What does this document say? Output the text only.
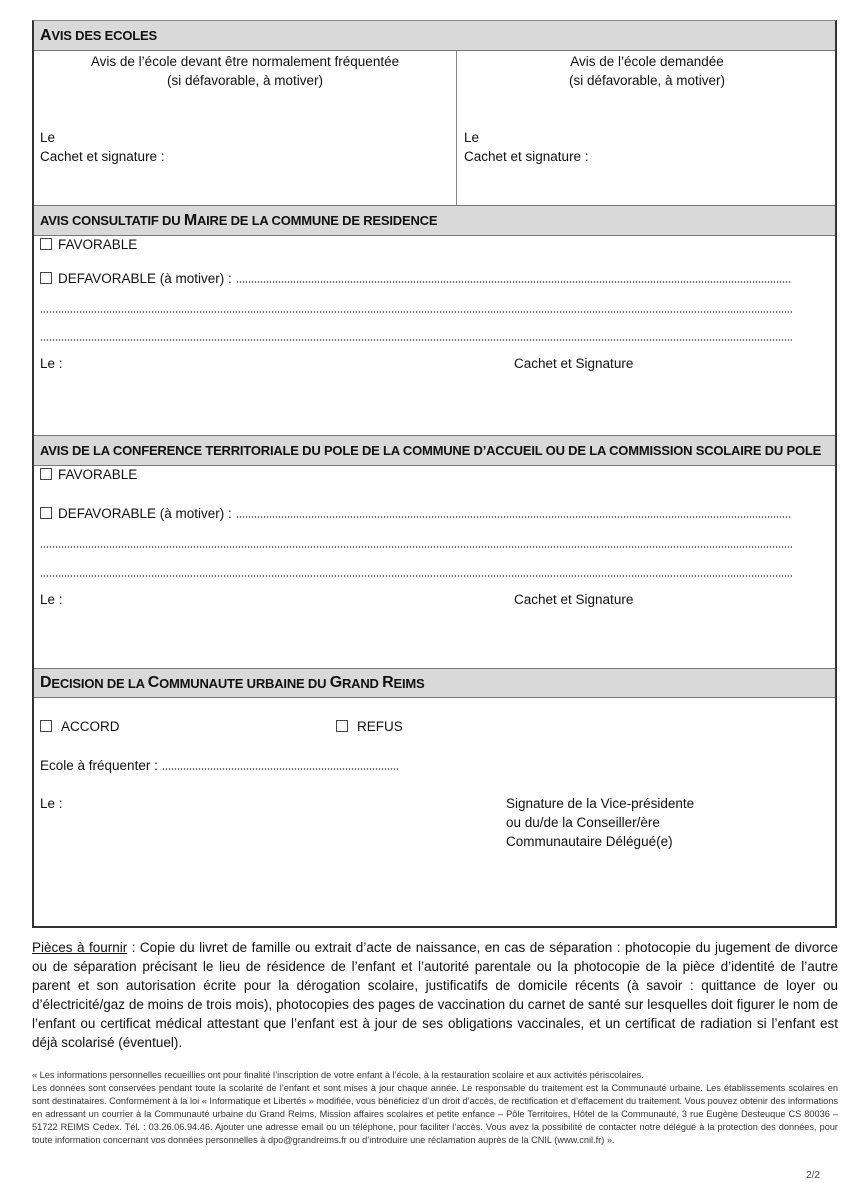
A VIS DES ECOLES
Avis de l’école devant être normalement fréquentée
(si défavorable, à motiver)
Le
Cachet et signature :
Avis de l’école demandée
(si défavorable, à motiver)
Le
Cachet et signature :
AVIS CONSULTATIF DU M AIRE DE LA COMMUNE DE RESIDENCE
FAVORABLE
DEFAVORABLE (à motiver) :
Le :	Cachet et Signature
AVIS DE LA CONFERENCE TERRITORIALE DU POLE DE LA COMMUNE D’ACCUEIL OU DE LA COMMISSION SCOLAIRE DU POLE
FAVORABLE
DEFAVORABLE (à motiver) :
Le :	Cachet et Signature
D ECISION DE LA C OMMUNAUTE URBAINE DU G RAND R EIMS
ACCORD	REFUS
Ecole à fréquenter :
Le :	Signature de la Vice-présidente
ou du/de la Conseiller/ère
Communautaire Délégué(e)
Pièces à fournir : Copie du livret de famille ou extrait d’acte de naissance, en cas de séparation : photocopie du jugement de divorce ou de séparation précisant le lieu de résidence de l’enfant et l’autorité parentale ou la photocopie de la pièce d’identité de l’autre parent et son autorisation écrite pour la dérogation scolaire, justificatifs de domicile récents (à savoir : quittance de loyer ou d’électricité/gaz de moins de trois mois), photocopies des pages de vaccination du carnet de santé sur lesquelles doit figurer le nom de l’enfant ou certificat médical attestant que l’enfant est à jour de ses obligations vaccinales, et un certificat de radiation si l’enfant est déjà scolarisé (éventuel).
« Les informations personnelles recueillies ont pour finalité l’inscription de votre enfant à l’école, à la restauration scolaire et aux activités périscolaires.
Les données sont conservées pendant toute la scolarité de l’enfant et sont mises à jour chaque année. Le responsable du traitement est la Communauté urbaine. Les établissements scolaires en sont destinataires. Conformément à la loi « Informatique et Libertés » modifiée, vous bénéficiez d’un droit d’accès, de rectification et d’effacement du traitement. Vous pouvez obtenir des informations en adressant un courrier à la Communauté urbaine du Grand Reims, Mission affaires scolaires et petite enfance – Pôle Territoires, Hôtel de la Communauté, 3 rue Eugène Desteuque CS 80036 – 51722 REIMS Cedex. Tél. : 03.26.06.94.46. Ajouter une adresse email ou un téléphone, pour faciliter l’accès. Vous avez la possibilité de contacter notre délégué à la protection des données, pour toute information concernant vos données personnelles à dpo@grandreims.fr ou d’introduire une réclamation auprès de la CNIL (www.cnil.fr) ».
2/2
